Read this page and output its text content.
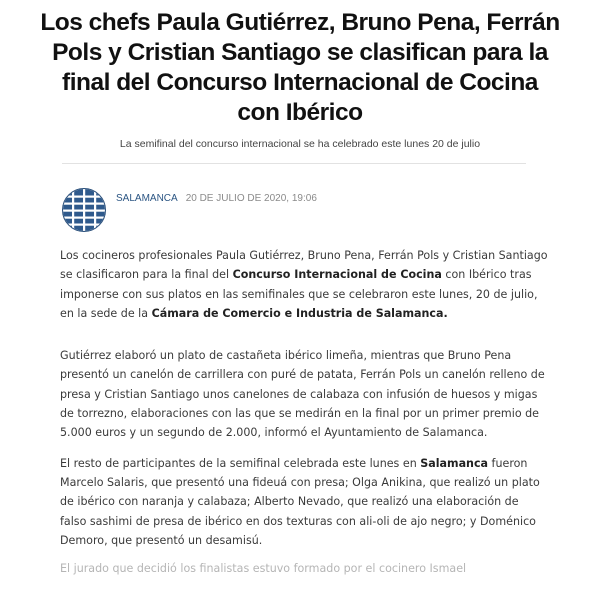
Los chefs Paula Gutiérrez, Bruno Pena, Ferrán Pols y Cristian Santiago se clasifican para la final del Concurso Internacional de Cocina con Ibérico

La semifinal del concurso internacional se ha celebrado este lunes 20 de julio

SALAMANCA 20 DE JULIO DE 2020, 19:06

Los cocineros profesionales Paula Gutiérrez, Bruno Pena, Ferrán Pols y Cristian Santiago se clasificaron para la final del Concurso Internacional de Cocina con Ibérico tras imponerse con sus platos en las semifinales que se celebraron este lunes, 20 de julio, en la sede de la Cámara de Comercio e Industria de Salamanca.

Gutiérrez elaboró un plato de castañeta ibérico limeña, mientras que Bruno Pena presentó un canelón de carrillera con puré de patata, Ferrán Pols un canelón relleno de presa y Cristian Santiago unos canelones de calabaza con infusión de huesos y migas de torrezno, elaboraciones con las que se medirán en la final por un primer premio de 5.000 euros y un segundo de 2.000, informó el Ayuntamiento de Salamanca.

El resto de participantes de la semifinal celebrada este lunes en Salamanca fueron Marcelo Salaris, que presentó una fideuá con presa; Olga Anikina, que realizó un plato de ibérico con naranja y calabaza; Alberto Nevado, que realizó una elaboración de falso sashimi de presa de ibérico en dos texturas con ali-oli de ajo negro; y Doménico Demoro, que presentó un desamisú.

El jurado que decidió los finalistas estuvo formado por el cocinero Ismael
